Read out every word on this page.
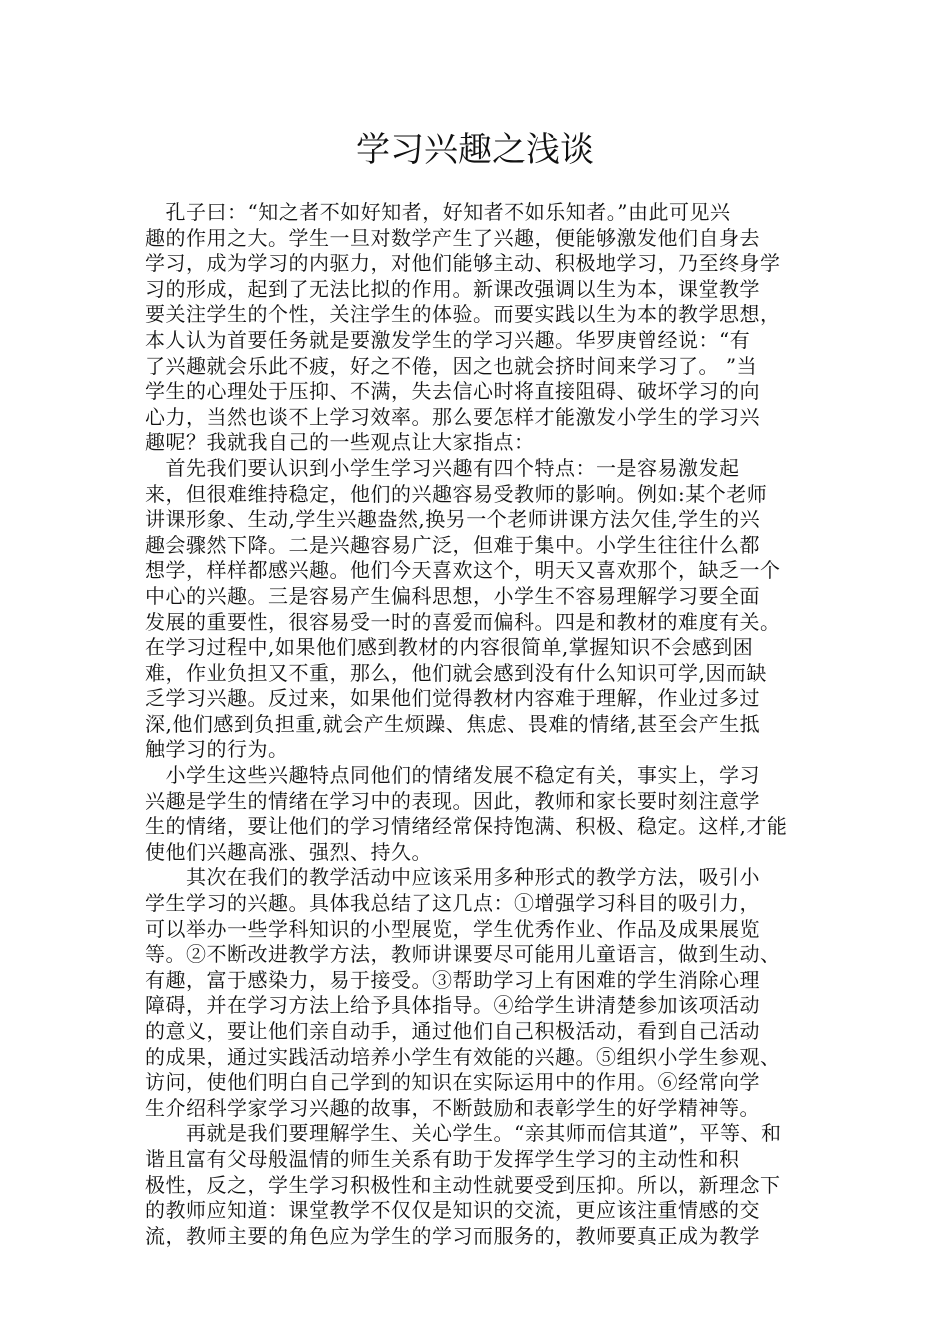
学习兴趣之浅谈
　孔子曰：“知之者不如好知者，好知者不如乐知者。”由此可见兴
趣的作用之大。学生一旦对数学产生了兴趣，便能够激发他们自身去
学习，成为学习的内驱力，对他们能够主动、积极地学习，乃至终身学
习的形成，起到了无法比拟的作用。新课改强调以生为本，课堂教学
要关注学生的个性，关注学生的体验。而要实践以生为本的教学思想，
本人认为首要任务就是要激发学生的学习兴趣。华罗庚曾经说：“有
了兴趣就会乐此不疲，好之不倦，因之也就会挤时间来学习了。 ”当
学生的心理处于压抑、不满，失去信心时将直接阻碍、破坏学习的向
心力，当然也谈不上学习效率。那么要怎样才能激发小学生的学习兴
趣呢？我就我自己的一些观点让大家指点：
　首先我们要认识到小学生学习兴趣有四个特点：一是容易激发起
来，但很难维持稳定，他们的兴趣容易受教师的影响。例如:某个老师
讲课形象、生动,学生兴趣盎然,换另一个老师讲课方法欠佳,学生的兴
趣会骤然下降。二是兴趣容易广泛，但难于集中。小学生往往什么都
想学，样样都感兴趣。他们今天喜欢这个，明天又喜欢那个，缺乏一个
中心的兴趣。三是容易产生偏科思想，小学生不容易理解学习要全面
发展的重要性，很容易受一时的喜爱而偏科。四是和教材的难度有关。
在学习过程中,如果他们感到教材的内容很简单,掌握知识不会感到困
难，作业负担又不重，那么，他们就会感到没有什么知识可学,因而缺
乏学习兴趣。反过来，如果他们觉得教材内容难于理解，作业过多过
深,他们感到负担重,就会产生烦躁、焦虑、畏难的情绪,甚至会产生抵
触学习的行为。
　小学生这些兴趣特点同他们的情绪发展不稳定有关，事实上，学习
兴趣是学生的情绪在学习中的表现。因此，教师和家长要时刻注意学
生的情绪，要让他们的学习情绪经常保持饱满、积极、稳定。这样,才能
使他们兴趣高涨、强烈、持久。
　　其次在我们的教学活动中应该采用多种形式的教学方法，吸引小
学生学习的兴趣。具体我总结了这几点：①增强学习科目的吸引力，
可以举办一些学科知识的小型展览，学生优秀作业、作品及成果展览
等。②不断改进教学方法，教师讲课要尽可能用儿童语言，做到生动、
有趣，富于感染力，易于接受。③帮助学习上有困难的学生消除心理
障碍，并在学习方法上给予具体指导。④给学生讲清楚参加该项活动
的意义，要让他们亲自动手，通过他们自己积极活动，看到自己活动
的成果，通过实践活动培养小学生有效能的兴趣。⑤组织小学生参观、
访问，使他们明白自己学到的知识在实际运用中的作用。⑥经常向学
生介绍科学家学习兴趣的故事，不断鼓励和表彰学生的好学精神等。
　　再就是我们要理解学生、关心学生。“亲其师而信其道”，平等、和
谐且富有父母般温情的师生关系有助于发挥学生学习的主动性和积
极性，反之，学生学习积极性和主动性就要受到压抑。所以，新理念下
的教师应知道：课堂教学不仅仅是知识的交流，更应该注重情感的交
流，教师主要的角色应为学生的学习而服务的，教师要真正成为教学
